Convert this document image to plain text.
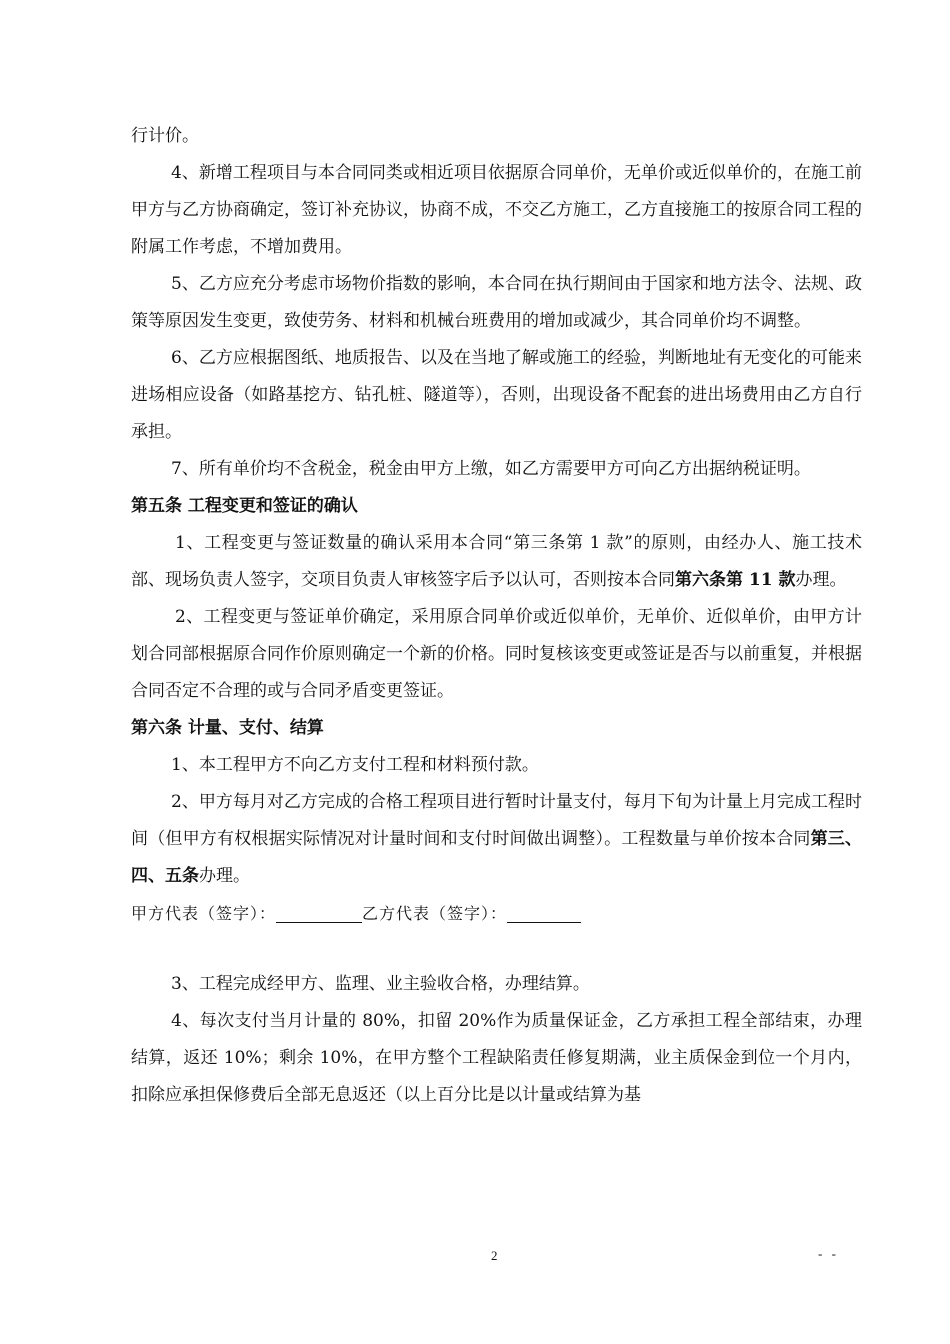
行计价。

4、新增工程项目与本合同同类或相近项目依据原合同单价，无单价或近似单价的，在施工前甲方与乙方协商确定，签订补充协议，协商不成，不交乙方施工，乙方直接施工的按原合同工程的附属工作考虑，不增加费用。

5、乙方应充分考虑市场物价指数的影响，本合同在执行期间由于国家和地方法令、法规、政策等原因发生变更，致使劳务、材料和机械台班费用的增加或减少，其合同单价均不调整。

6、乙方应根据图纸、地质报告、以及在当地了解或施工的经验，判断地址有无变化的可能来进场相应设备（如路基挖方、钻孔桩、隧道等），否则，出现设备不配套的进出场费用由乙方自行承担。

7、所有单价均不含税金，税金由甲方上缴，如乙方需要甲方可向乙方出据纳税证明。

第五条 工程变更和签证的确认

1、工程变更与签证数量的确认采用本合同“第三条第 1 款”的原则，由经办人、施工技术部、现场负责人签字，交项目负责人审核签字后予以认可，否则按本合同第六条第 11 款办理。

2、工程变更与签证单价确定，采用原合同单价或近似单价，无单价、近似单价，由甲方计划合同部根据原合同作价原则确定一个新的价格。同时复核该变更或签证是否与以前重复，并根据合同否定不合理的或与合同矛盾变更签证。

第六条 计量、支付、结算

1、本工程甲方不向乙方支付工程和材料预付款。

2、甲方每月对乙方完成的合格工程项目进行暂时计量支付，每月下旬为计量上月完成工程时间（但甲方有权根据实际情况对计量时间和支付时间做出调整）。工程数量与单价按本合同第三、四、五条办理。

甲方代表（签字）：	乙方代表（签字）：

3、工程完成经甲方、监理、业主验收合格，办理结算。

4、每次支付当月计量的 80%，扣留 20%作为质量保证金，乙方承担工程全部结束，办理结算，返还 10%；剩余 10%，在甲方整个工程缺陷责任修复期满，业主质保金到位一个月内，扣除应承担保修费后全部无息返还（以上百分比是以计量或结算为基

2	- -
